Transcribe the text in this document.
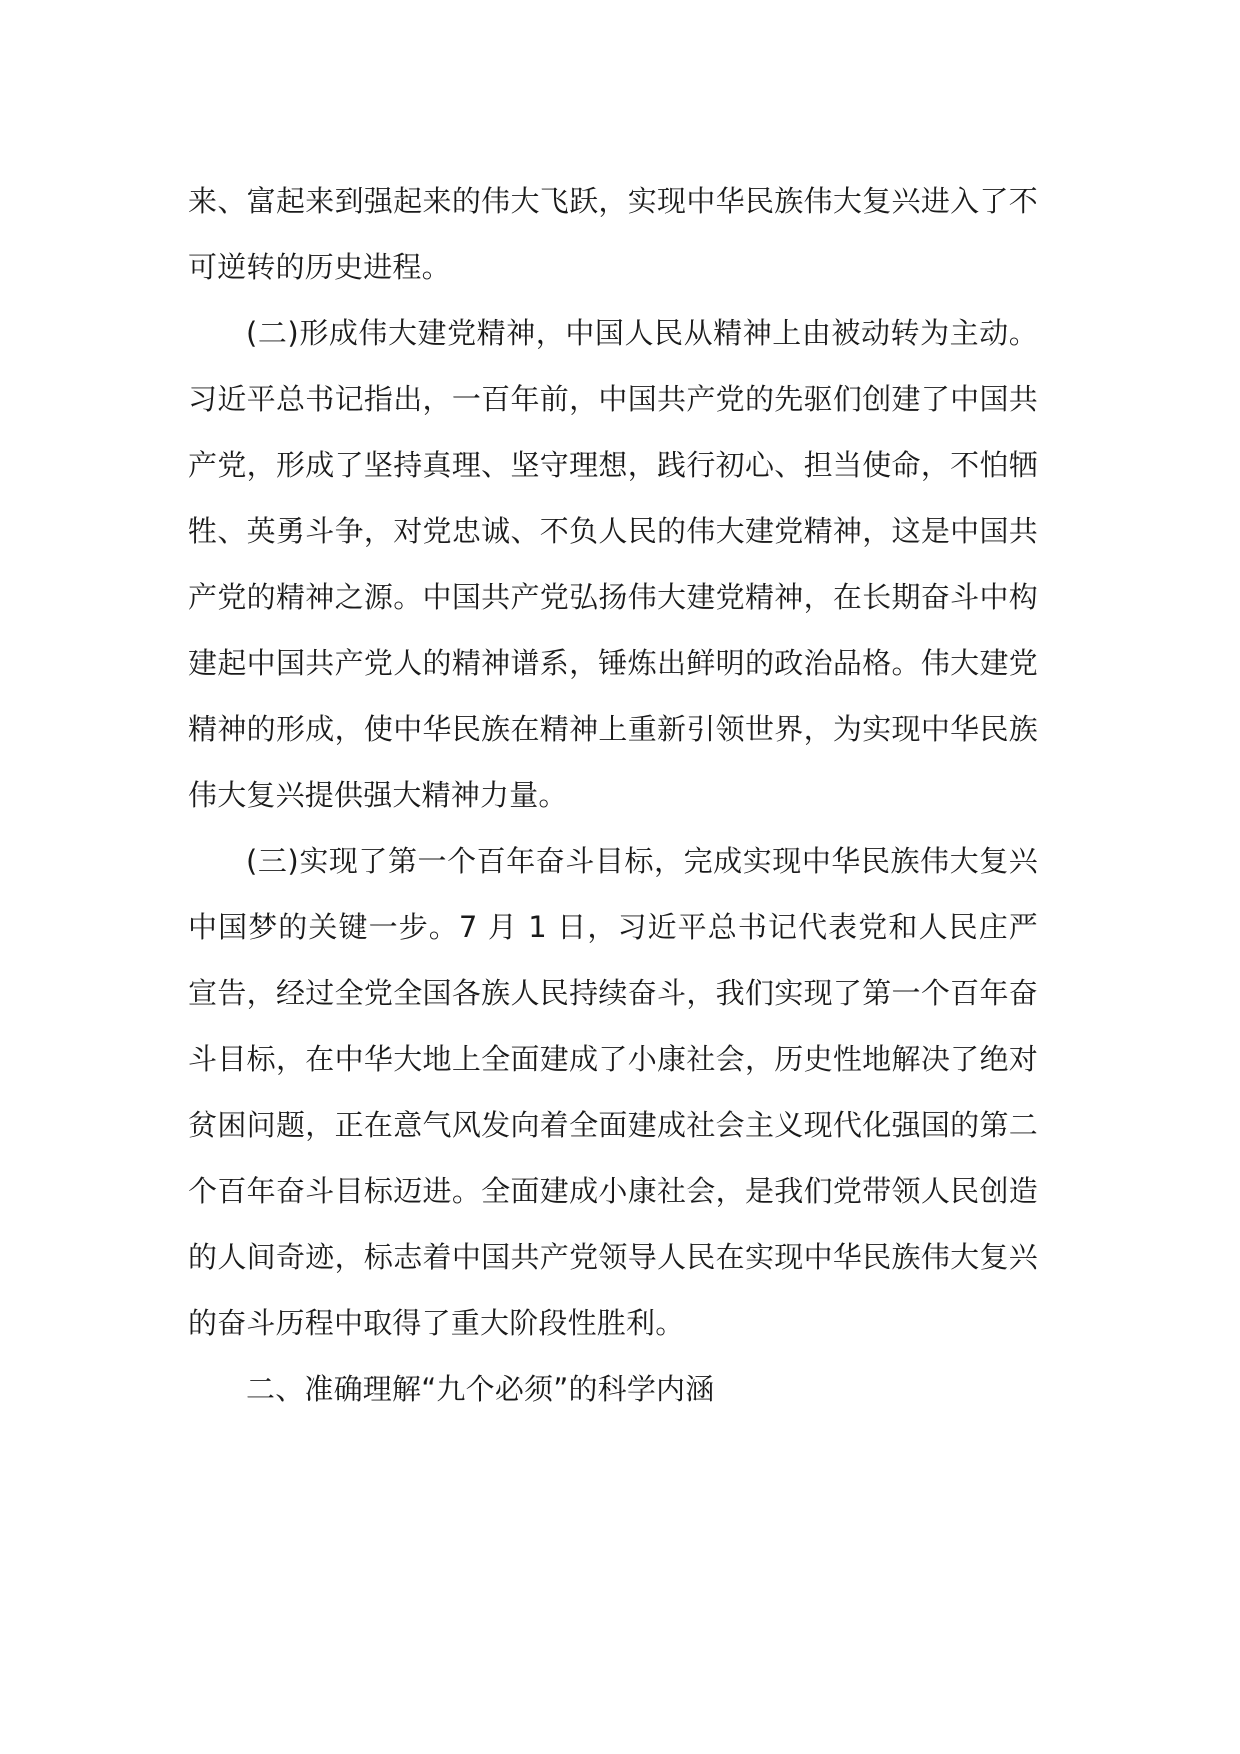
来、富起来到强起来的伟大飞跃，实现中华民族伟大复兴进入了不可逆转的历史进程。

(二)形成伟大建党精神，中国人民从精神上由被动转为主动。习近平总书记指出，一百年前，中国共产党的先驱们创建了中国共产党，形成了坚持真理、坚守理想，践行初心、担当使命，不怕牺牲、英勇斗争，对党忠诚、不负人民的伟大建党精神，这是中国共产党的精神之源。中国共产党弘扬伟大建党精神，在长期奋斗中构建起中国共产党人的精神谱系，锤炼出鲜明的政治品格。伟大建党精神的形成，使中华民族在精神上重新引领世界，为实现中华民族伟大复兴提供强大精神力量。

(三)实现了第一个百年奋斗目标，完成实现中华民族伟大复兴中国梦的关键一步。7 月 1 日，习近平总书记代表党和人民庄严宣告，经过全党全国各族人民持续奋斗，我们实现了第一个百年奋斗目标，在中华大地上全面建成了小康社会，历史性地解决了绝对贫困问题，正在意气风发向着全面建成社会主义现代化强国的第二个百年奋斗目标迈进。全面建成小康社会，是我们党带领人民创造的人间奇迹，标志着中国共产党领导人民在实现中华民族伟大复兴的奋斗历程中取得了重大阶段性胜利。

二、准确理解“九个必须”的科学内涵
